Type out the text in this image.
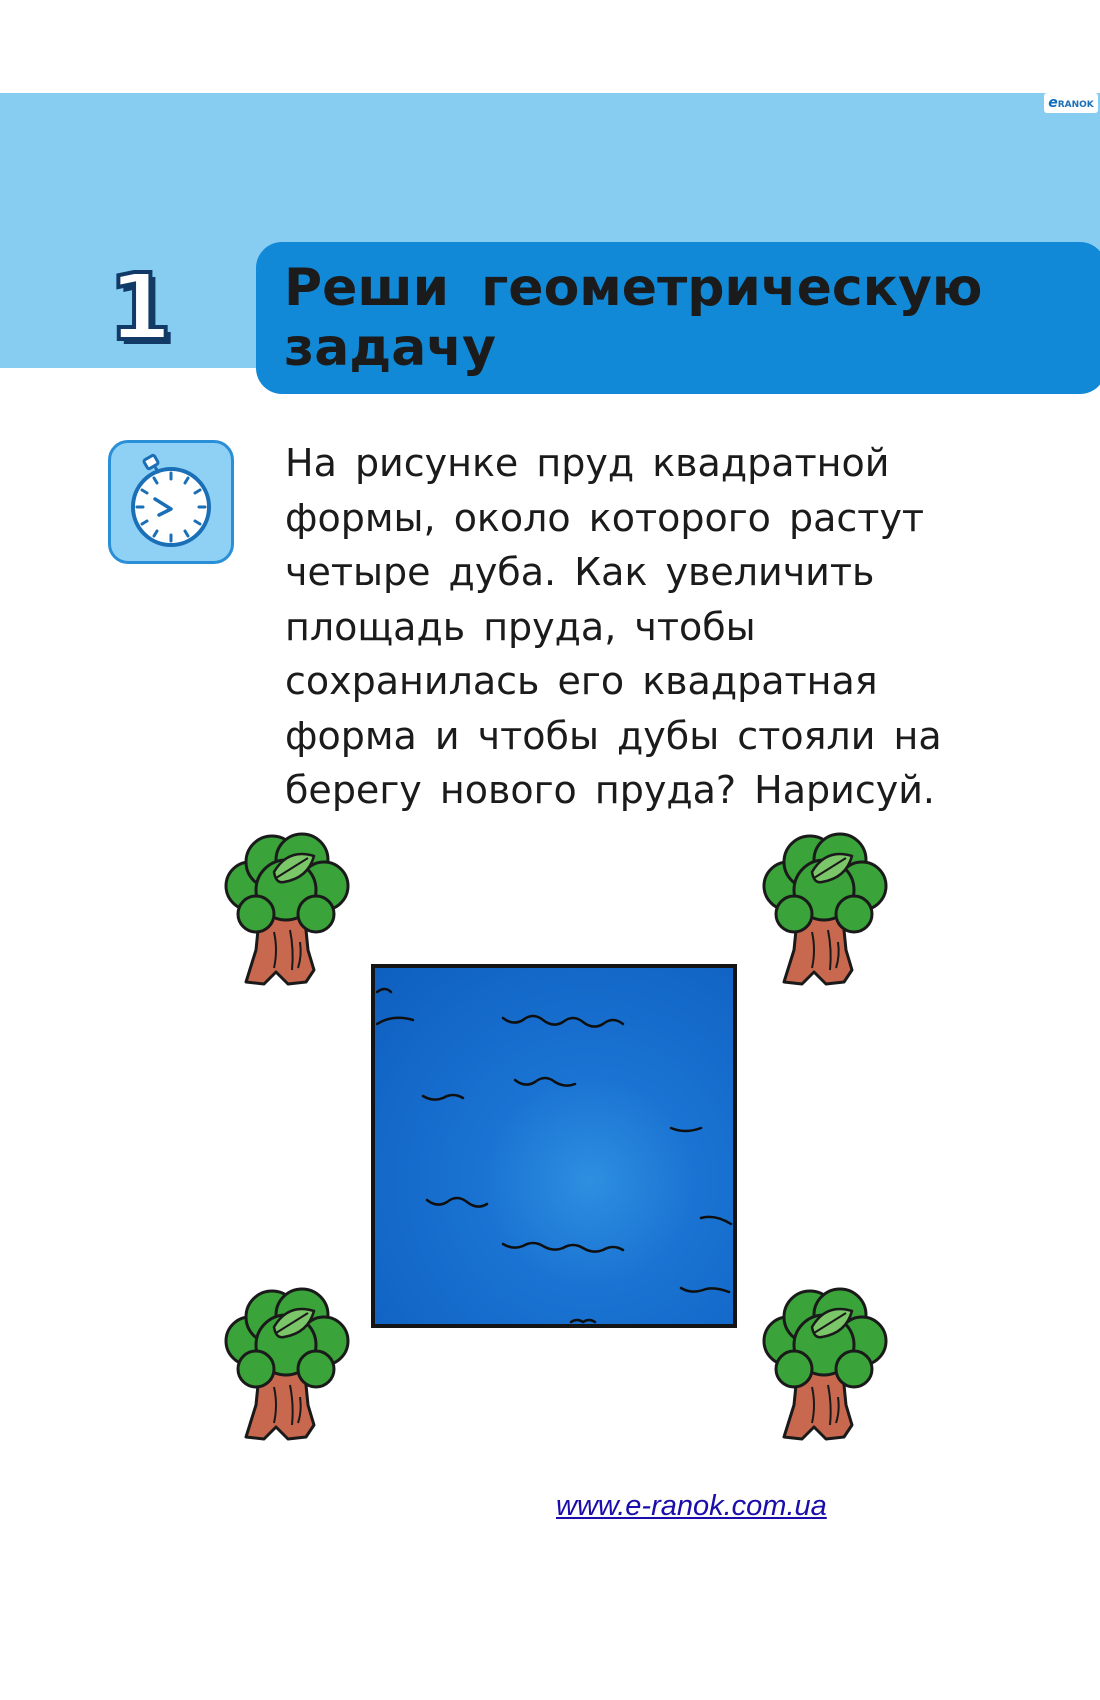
eRANOK
1 Реши геометрическую задачу

На рисунке пруд квадратной формы, около которого растут четыре дуба. Как увеличить площадь пруда, чтобы сохранилась его квадратная форма и чтобы дубы стояли на берегу нового пруда? Нарисуй.

www.e-ranok.com.ua
